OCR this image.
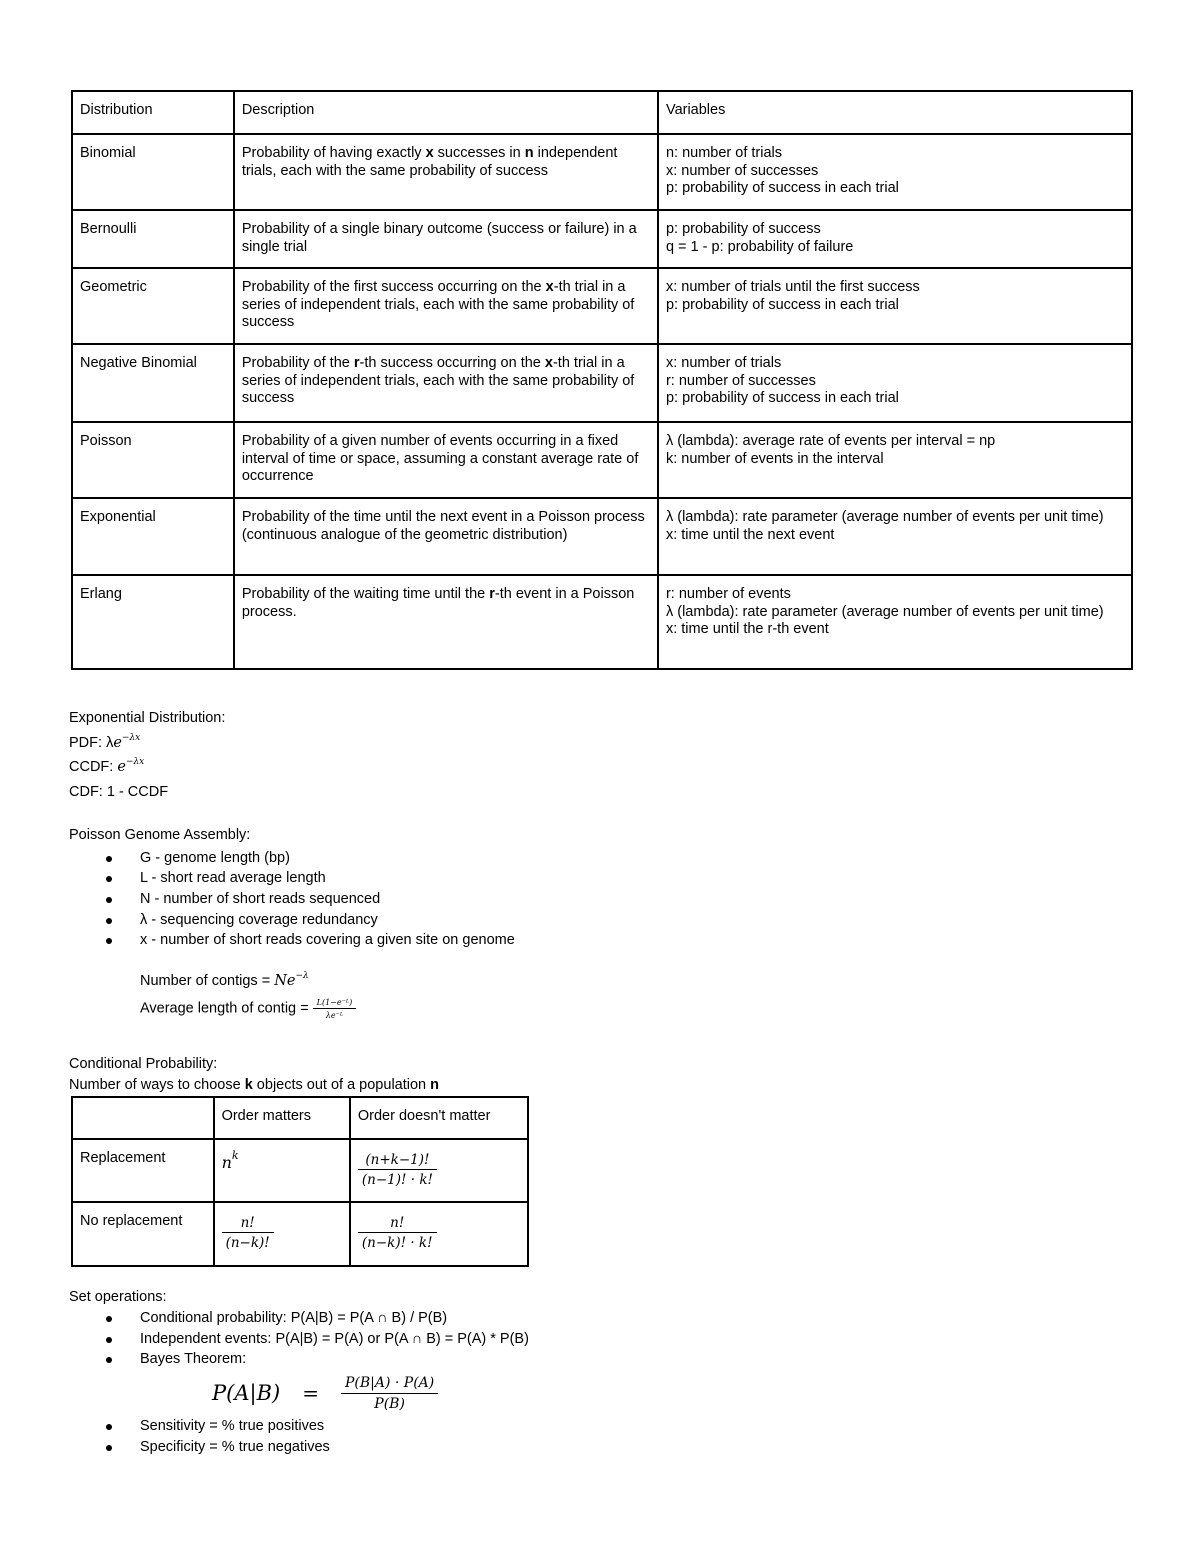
Distribution	Description	Variables

Binomial	Probability of having exactly x successes in n independent trials, each with the same probability of success	n: number of trials
x: number of successes
p: probability of success in each trial

Bernoulli	Probability of a single binary outcome (success or failure) in a single trial	p: probability of success
q = 1 - p: probability of failure

Geometric	Probability of the first success occurring on the x-th trial in a series of independent trials, each with the same probability of success	x: number of trials until the first success
p: probability of success in each trial

Negative Binomial	Probability of the r-th success occurring on the x-th trial in a series of independent trials, each with the same probability of success	x: number of trials
r: number of successes
p: probability of success in each trial

Poisson	Probability of a given number of events occurring in a fixed interval of time or space, assuming a constant average rate of occurrence	λ (lambda): average rate of events per interval = np
k: number of events in the interval

Exponential	Probability of the time until the next event in a Poisson process (continuous analogue of the geometric distribution)	λ (lambda): rate parameter (average number of events per unit time)
x: time until the next event

Erlang	Probability of the waiting time until the r-th event in a Poisson process.	r: number of events
λ (lambda): rate parameter (average number of events per unit time)
x: time until the r-th event
Exponential Distribution:
PDF: $\lambda e^{-\lambda x}$
CCDF: $e^{-\lambda x}$
CDF: 1 - CCDF
Poisson Genome Assembly:
G - genome length (bp)
L - short read average length
N - number of short reads sequenced
λ - sequencing coverage redundancy
x - number of short reads covering a given site on genome
Number of contigs = $Ne^{-\lambda}$
Average length of contig = $\frac{\text{L(1−e⁻ᴸ)}}{\text{λe⁻ᴸ}}$
Conditional Probability:
Number of ways to choose k objects out of a population n

	Order matters	Order doesn't matter

Replacement	$n^k$	$\frac{(n+k-1)!}{(n-1)! \cdot k!}$

No replacement	$\frac{n!}{(n-k)!}$	$\frac{n!}{(n-k)! \cdot k!}$
Set operations:
Conditional probability: P(A|B) = P(A ∩ B) / P(B)
Independent events: P(A|B) = P(A) or P(A ∩ B) = P(A) * P(B)
Bayes Theorem:
$P(A|B) = \frac{P(B|A) \cdot P(A)}{P(B)}$
Sensitivity = % true positives
Specificity = % true negatives
